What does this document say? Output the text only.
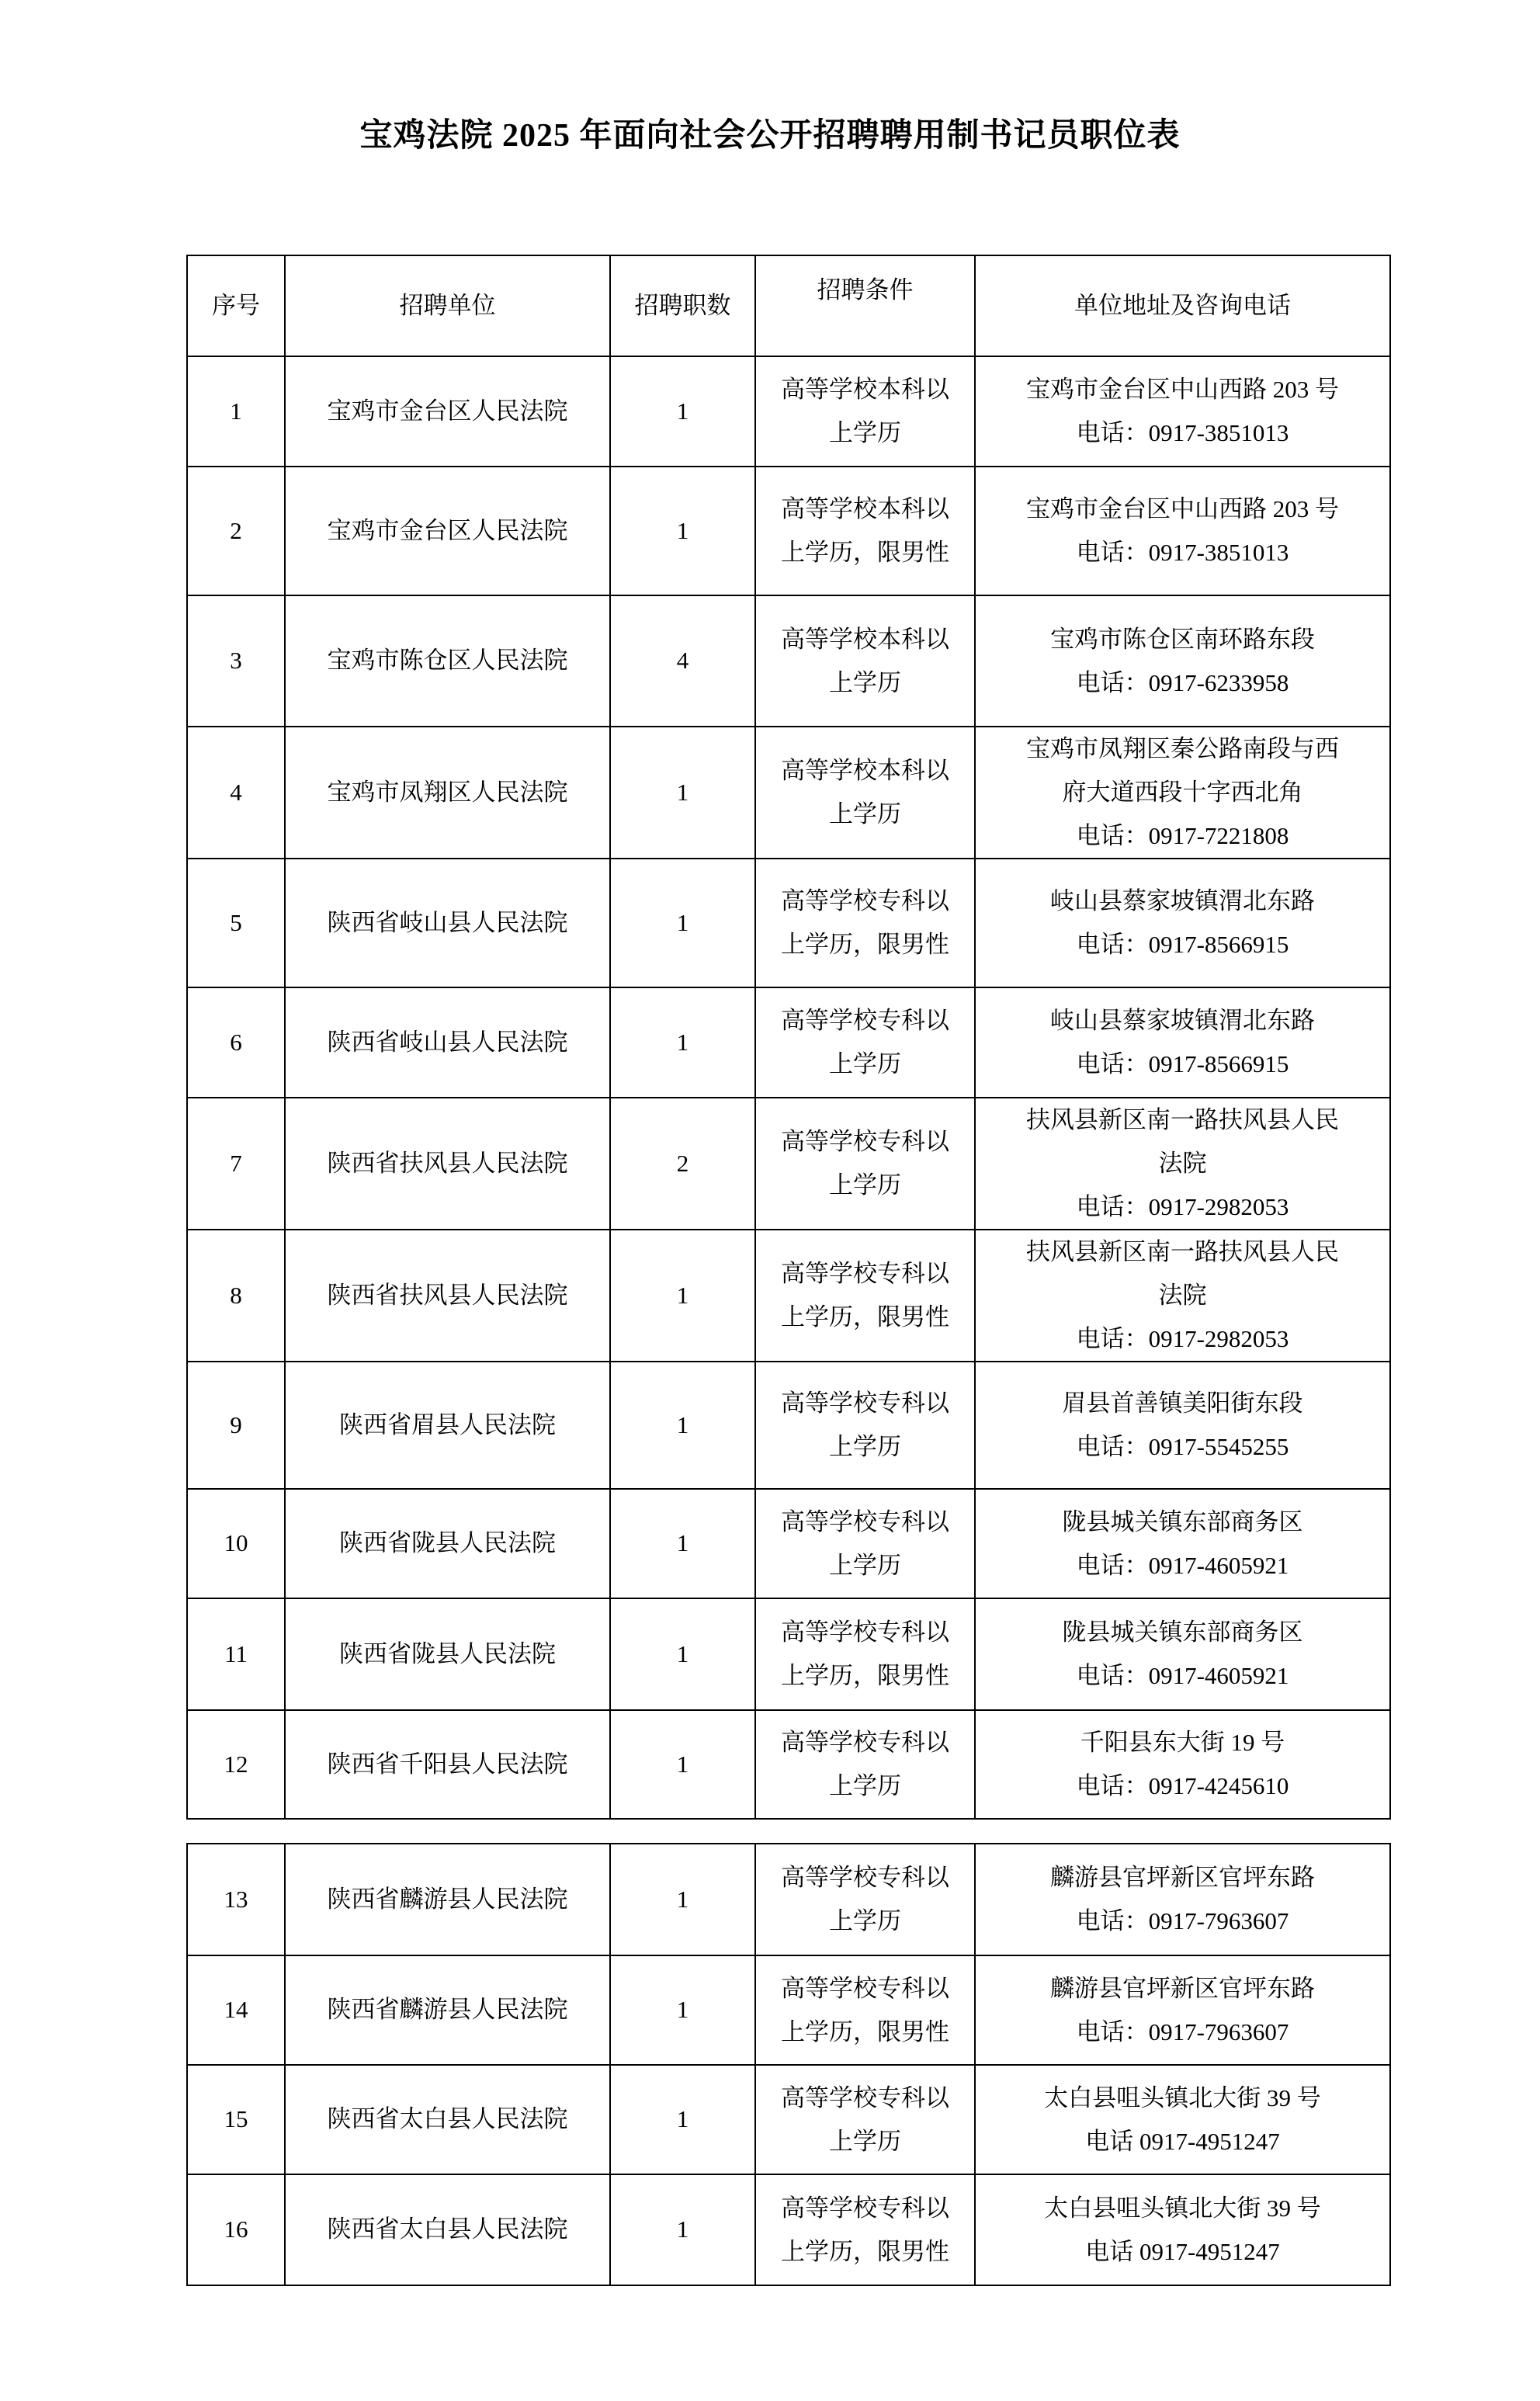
宝鸡法院 2025 年面向社会公开招聘聘用制书记员职位表
序号	招聘单位	招聘职数	招聘条件	单位地址及咨询电话
1	宝鸡市金台区人民法院	1	高等学校本科以上学历	宝鸡市金台区中山西路 203 号
电话：0917-3851013

2	宝鸡市金台区人民法院	1	高等学校本科以上学历，限男性	宝鸡市金台区中山西路 203 号
电话：0917-3851013

3	宝鸡市陈仓区人民法院	4	高等学校本科以上学历	宝鸡市陈仓区南环路东段
电话：0917-6233958

4	宝鸡市凤翔区人民法院	1	高等学校本科以上学历	宝鸡市凤翔区秦公路南段与西府大道西段十字西北角
电话：0917-7221808

5	陕西省岐山县人民法院	1	高等学校专科以上学历，限男性	岐山县蔡家坡镇渭北东路
电话：0917-8566915

6	陕西省岐山县人民法院	1	高等学校专科以上学历	岐山县蔡家坡镇渭北东路
电话：0917-8566915

7	陕西省扶风县人民法院	2	高等学校专科以上学历	扶风县新区南一路扶风县人民法院
电话：0917-2982053

8	陕西省扶风县人民法院	1	高等学校专科以上学历，限男性	扶风县新区南一路扶风县人民法院
电话：0917-2982053

9	陕西省眉县人民法院	1	高等学校专科以上学历	眉县首善镇美阳街东段
电话：0917-5545255

10	陕西省陇县人民法院	1	高等学校专科以上学历	陇县城关镇东部商务区
电话：0917-4605921

11	陕西省陇县人民法院	1	高等学校专科以上学历，限男性	陇县城关镇东部商务区
电话：0917-4605921

12	陕西省千阳县人民法院	1	高等学校专科以上学历	千阳县东大街 19 号
电话：0917-4245610
13	陕西省麟游县人民法院	1	高等学校专科以上学历	麟游县官坪新区官坪东路
电话：0917-7963607

14	陕西省麟游县人民法院	1	高等学校专科以上学历，限男性	麟游县官坪新区官坪东路
电话：0917-7963607

15	陕西省太白县人民法院	1	高等学校专科以上学历	太白县咀头镇北大街 39 号
电话 0917-4951247

16	陕西省太白县人民法院	1	高等学校专科以上学历，限男性	太白县咀头镇北大街 39 号
电话 0917-4951247
